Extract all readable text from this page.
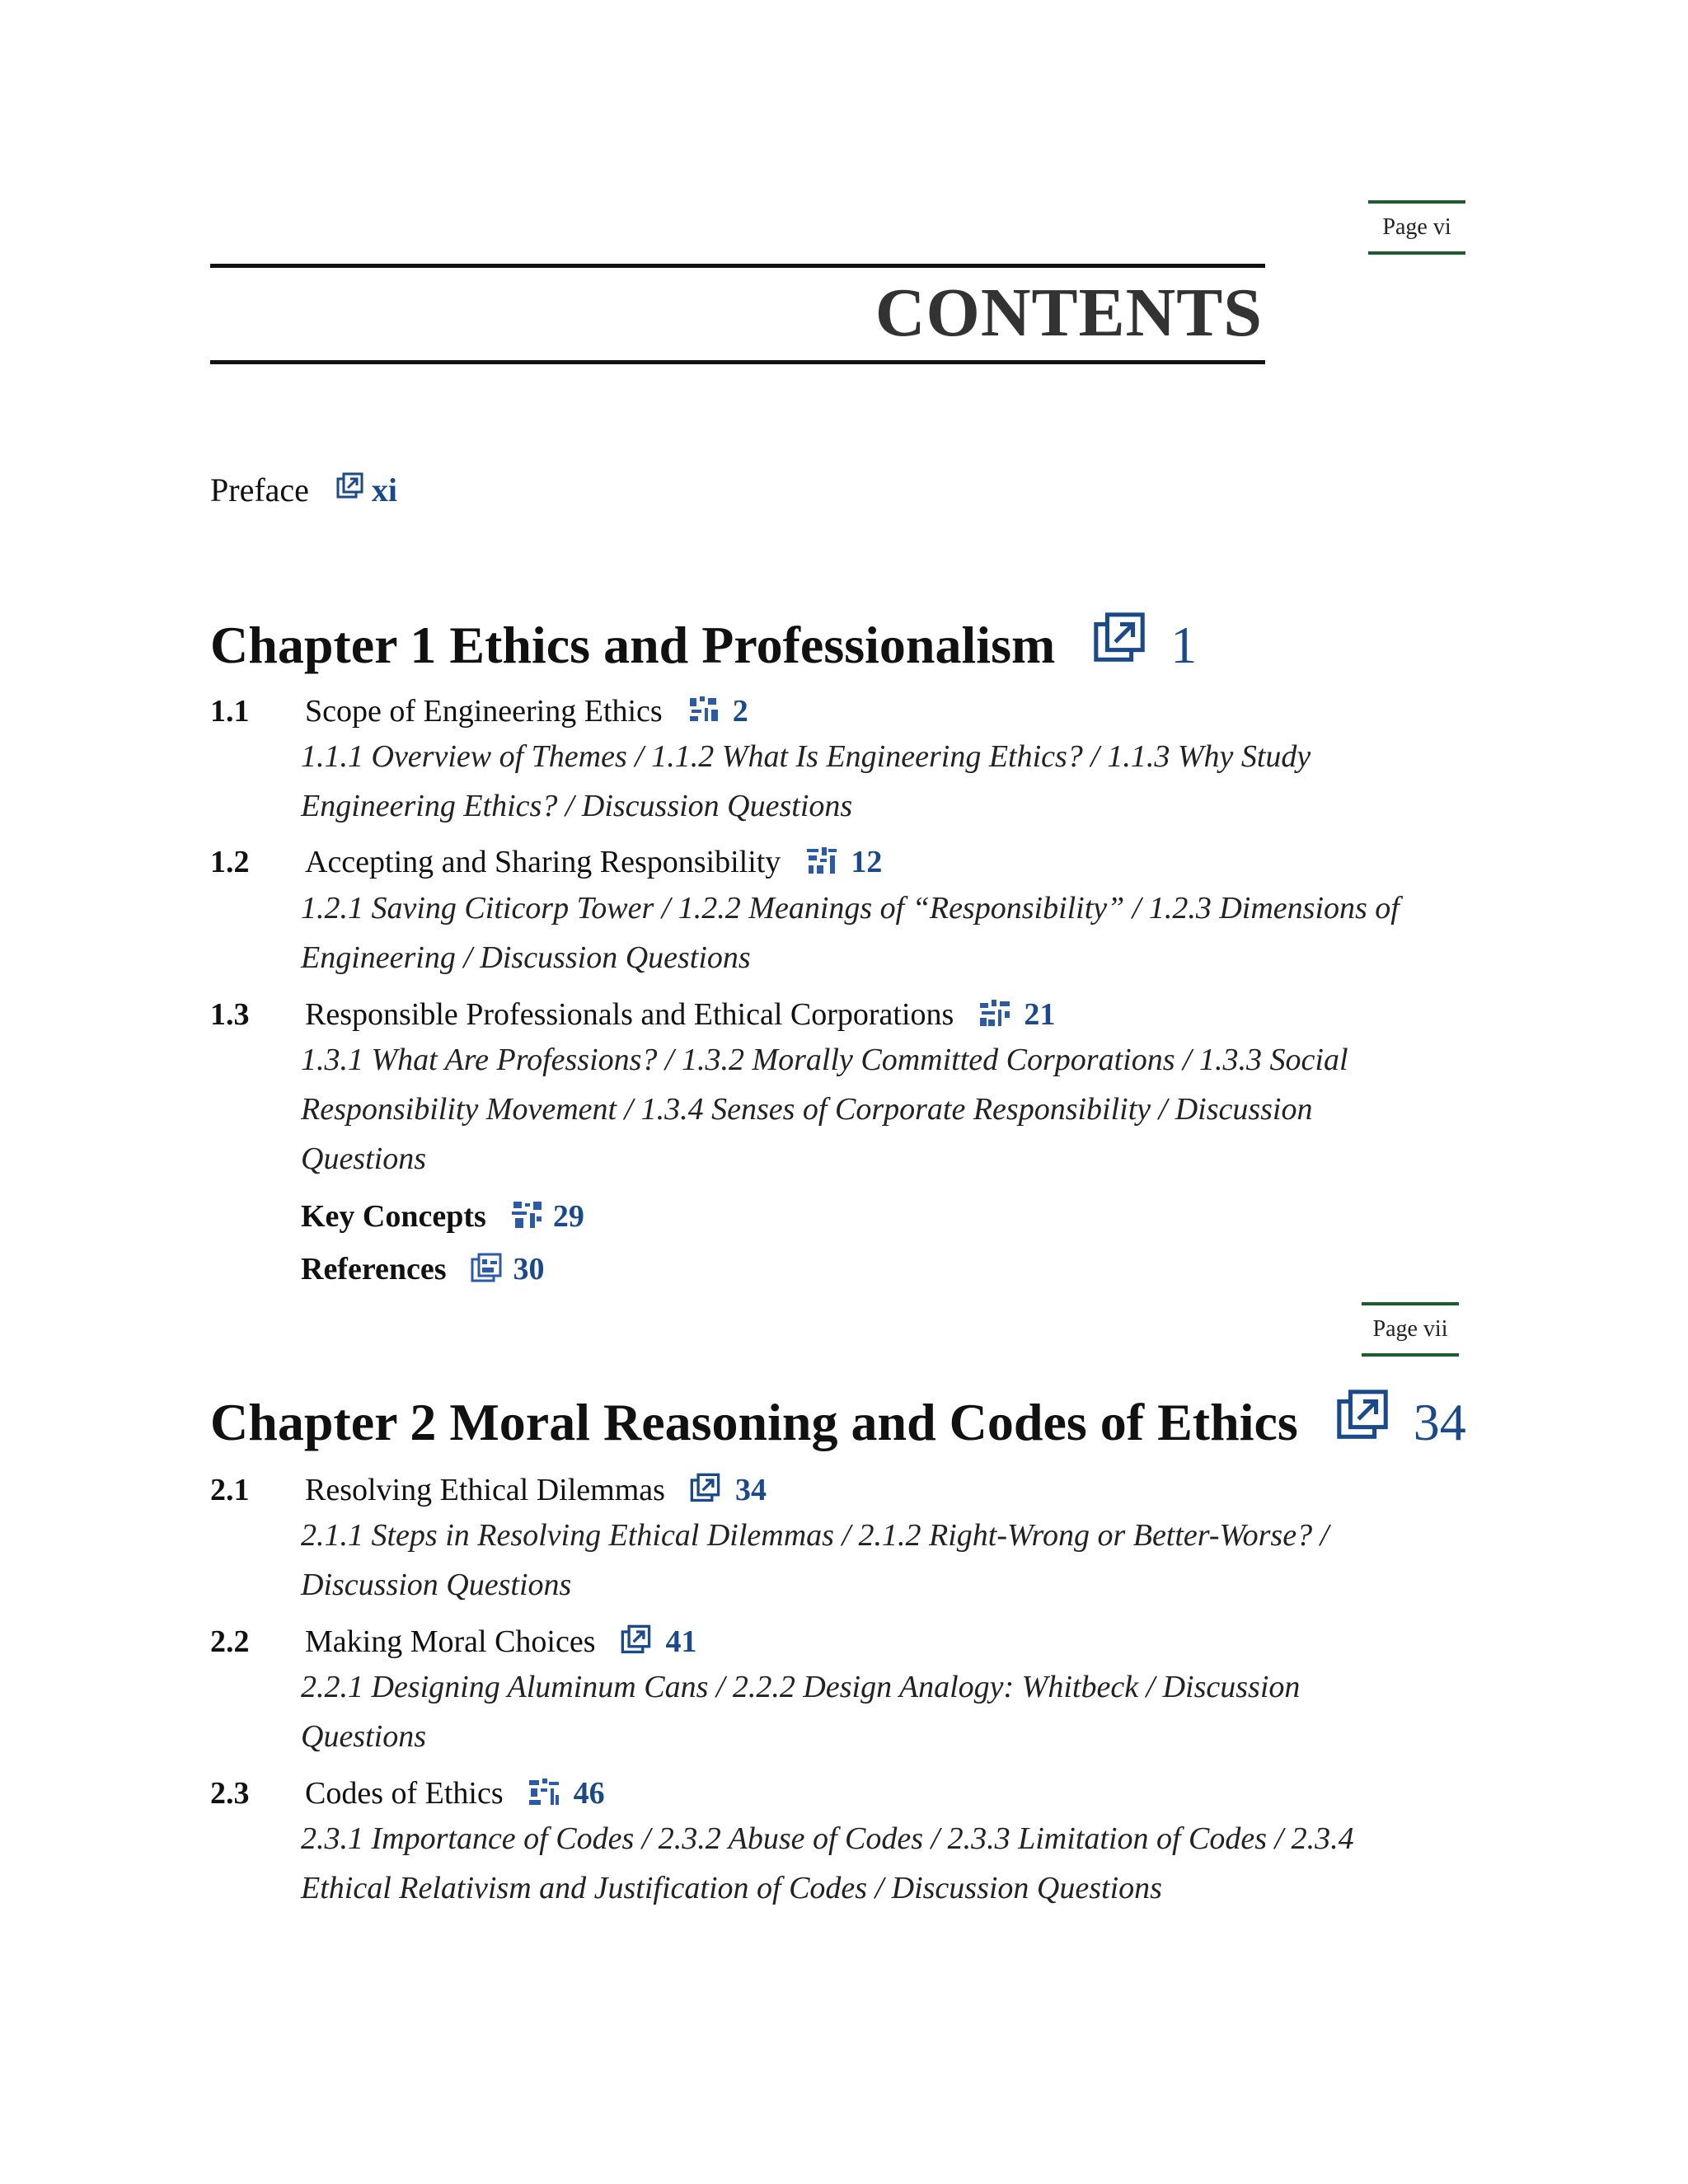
Page vi
Page vii
CONTENTS
Preface xi
Chapter 1 Ethics and Professionalism 1
1.1 Scope of Engineering Ethics 2
1.1.1 Overview of Themes / 1.1.2 What Is Engineering Ethics? / 1.1.3 Why Study
Engineering Ethics? / Discussion Questions
1.2 Accepting and Sharing Responsibility 12
1.2.1 Saving Citicorp Tower / 1.2.2 Meanings of “Responsibility” / 1.2.3 Dimensions of
Engineering / Discussion Questions
1.3 Responsible Professionals and Ethical Corporations 21
1.3.1 What Are Professions? / 1.3.2 Morally Committed Corporations / 1.3.3 Social
Responsibility Movement / 1.3.4 Senses of Corporate Responsibility / Discussion
Questions
Key Concepts 29
References 30
Chapter 2 Moral Reasoning and Codes of Ethics 34
2.1 Resolving Ethical Dilemmas 34
2.1.1 Steps in Resolving Ethical Dilemmas / 2.1.2 Right-Wrong or Better-Worse? /
Discussion Questions
2.2 Making Moral Choices 41
2.2.1 Designing Aluminum Cans / 2.2.2 Design Analogy: Whitbeck / Discussion
Questions
2.3 Codes of Ethics 46
2.3.1 Importance of Codes / 2.3.2 Abuse of Codes / 2.3.3 Limitation of Codes / 2.3.4
Ethical Relativism and Justification of Codes / Discussion Questions
